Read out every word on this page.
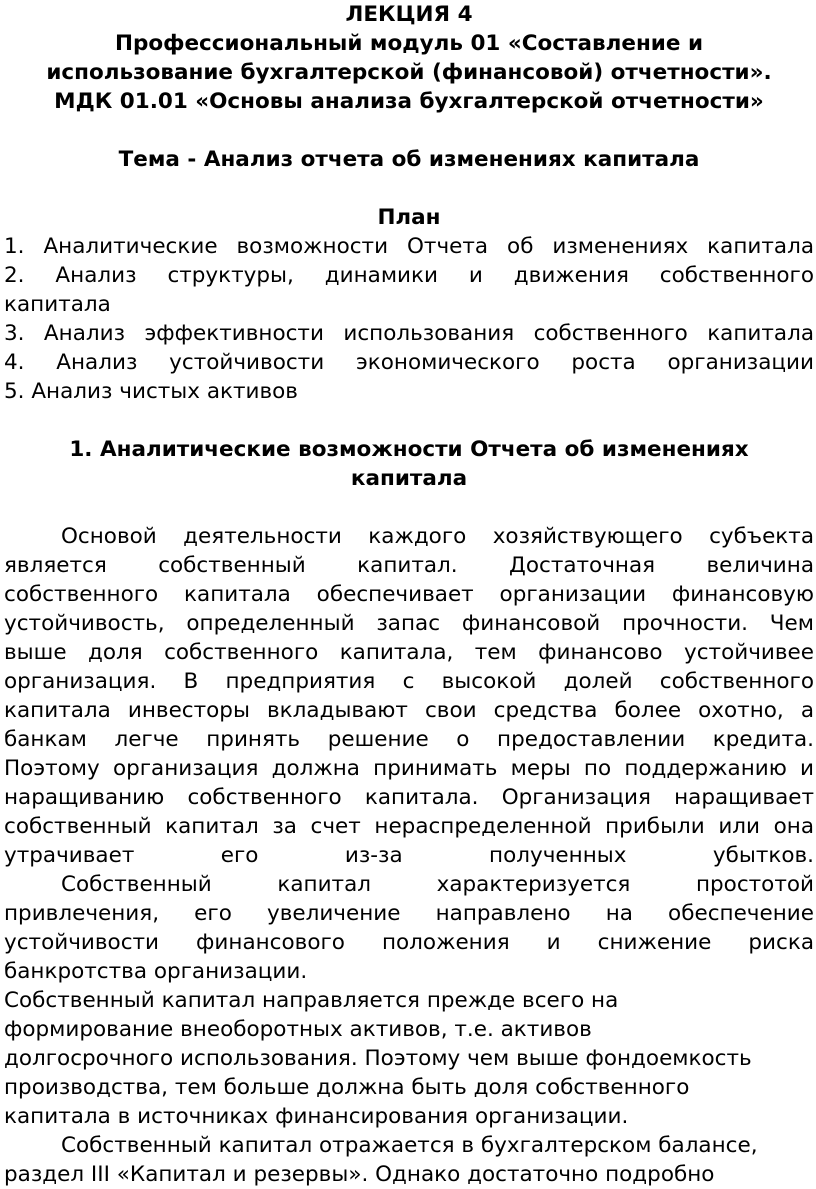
ЛЕКЦИЯ 4
Профессиональный модуль 01 «Составление и
использование бухгалтерской (финансовой) отчетности».
МДК 01.01 «Основы анализа бухгалтерской отчетности»
Тема - Анализ отчета об изменениях капитала
План
1. Аналитические возможности Отчета об изменениях капитала
2. Анализ структуры, динамики и движения собственного
капитала
3. Анализ эффективности использования собственного капитала
4. Анализ устойчивости экономического роста организации
5. Анализ чистых активов
1. Аналитические возможности Отчета об изменениях
капитала
Основой деятельности каждого хозяйствующего субъекта
является собственный капитал. Достаточная величина
собственного капитала обеспечивает организации финансовую
устойчивость, определенный запас финансовой прочности. Чем
выше доля собственного капитала, тем финансово устойчивее
организация. В предприятия с высокой долей собственного
капитала инвесторы вкладывают свои средства более охотно, а
банкам легче принять решение о предоставлении кредита.
Поэтому организация должна принимать меры по поддержанию и
наращиванию собственного капитала. Организация наращивает
собственный капитал за счет нераспределенной прибыли или она
утрачивает его из-за полученных убытков.
Собственный капитал характеризуется простотой
привлечения, его увеличение направлено на обеспечение
устойчивости финансового положения и снижение риска
банкротства организации.
Собственный капитал направляется прежде всего на
формирование внеоборотных активов, т.е. активов
долгосрочного использования. Поэтому чем выше фондоемкость
производства, тем больше должна быть доля собственного
капитала в источниках финансирования организации.
Собственный капитал отражается в бухгалтерском балансе,
раздел III «Капитал и резервы». Однако достаточно подробно
